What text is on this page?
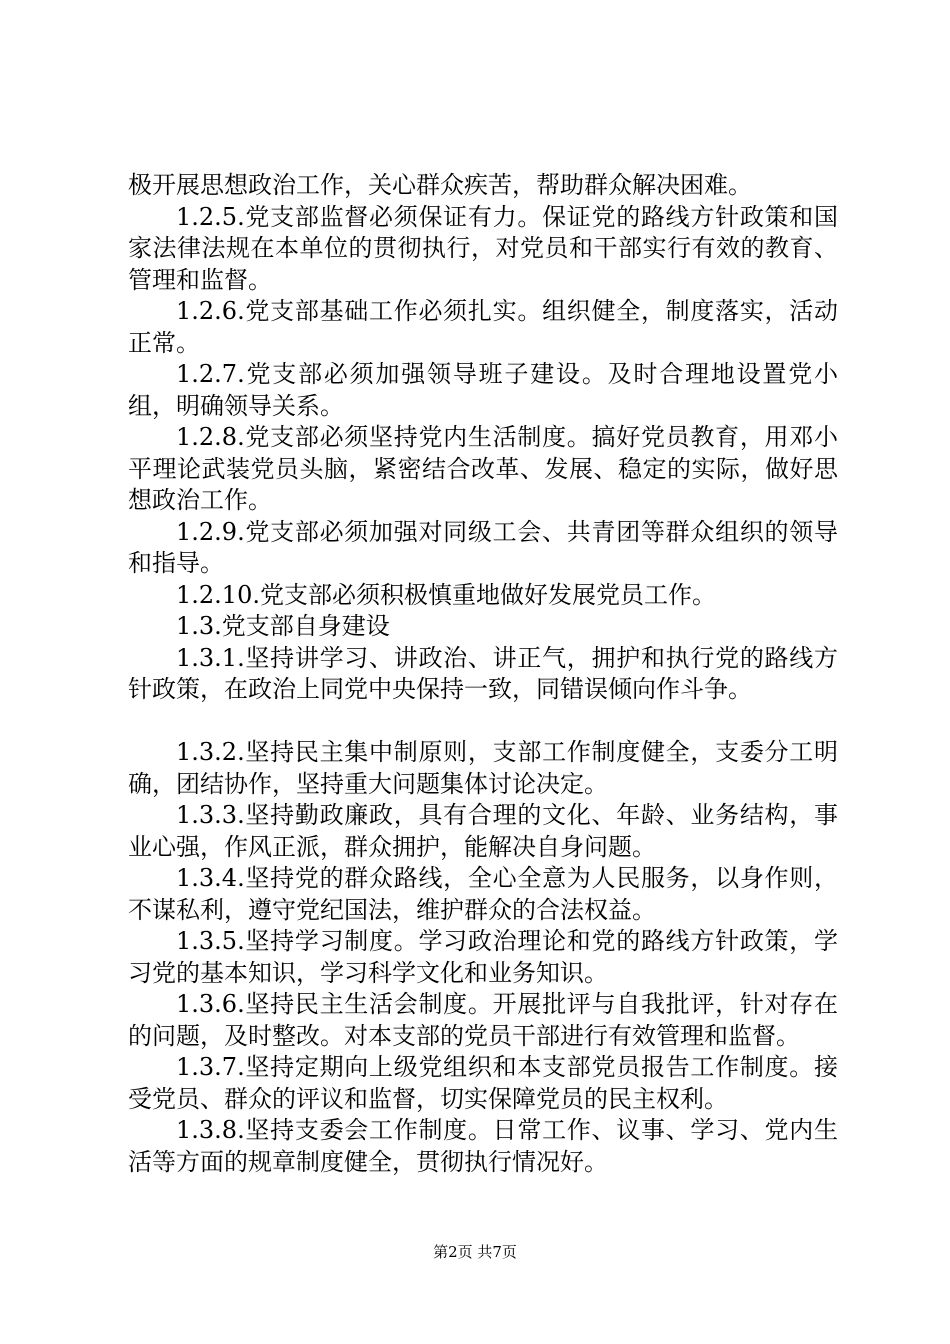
极开展思想政治工作，关心群众疾苦，帮助群众解决困难。

1.2.5.党支部监督必须保证有力。保证党的路线方针政策和国家法律法规在本单位的贯彻执行，对党员和干部实行有效的教育、管理和监督。

1.2.6.党支部基础工作必须扎实。组织健全，制度落实，活动正常。

1.2.7.党支部必须加强领导班子建设。及时合理地设置党小组，明确领导关系。

1.2.8.党支部必须坚持党内生活制度。搞好党员教育，用邓小平理论武装党员头脑，紧密结合改革、发展、稳定的实际，做好思想政治工作。

1.2.9.党支部必须加强对同级工会、共青团等群众组织的领导和指导。

1.2.10.党支部必须积极慎重地做好发展党员工作。

1.3.党支部自身建设

1.3.1.坚持讲学习、讲政治、讲正气，拥护和执行党的路线方针政策，在政治上同党中央保持一致，同错误倾向作斗争。

1.3.2.坚持民主集中制原则，支部工作制度健全，支委分工明确，团结协作，坚持重大问题集体讨论决定。

1.3.3.坚持勤政廉政，具有合理的文化、年龄、业务结构，事业心强，作风正派，群众拥护，能解决自身问题。

1.3.4.坚持党的群众路线，全心全意为人民服务，以身作则，不谋私利，遵守党纪国法，维护群众的合法权益。

1.3.5.坚持学习制度。学习政治理论和党的路线方针政策，学习党的基本知识，学习科学文化和业务知识。

1.3.6.坚持民主生活会制度。开展批评与自我批评，针对存在的问题，及时整改。对本支部的党员干部进行有效管理和监督。

1.3.7.坚持定期向上级党组织和本支部党员报告工作制度。接受党员、群众的评议和监督，切实保障党员的民主权利。

1.3.8.坚持支委会工作制度。日常工作、议事、学习、党内生活等方面的规章制度健全，贯彻执行情况好。

第2页 共7页
